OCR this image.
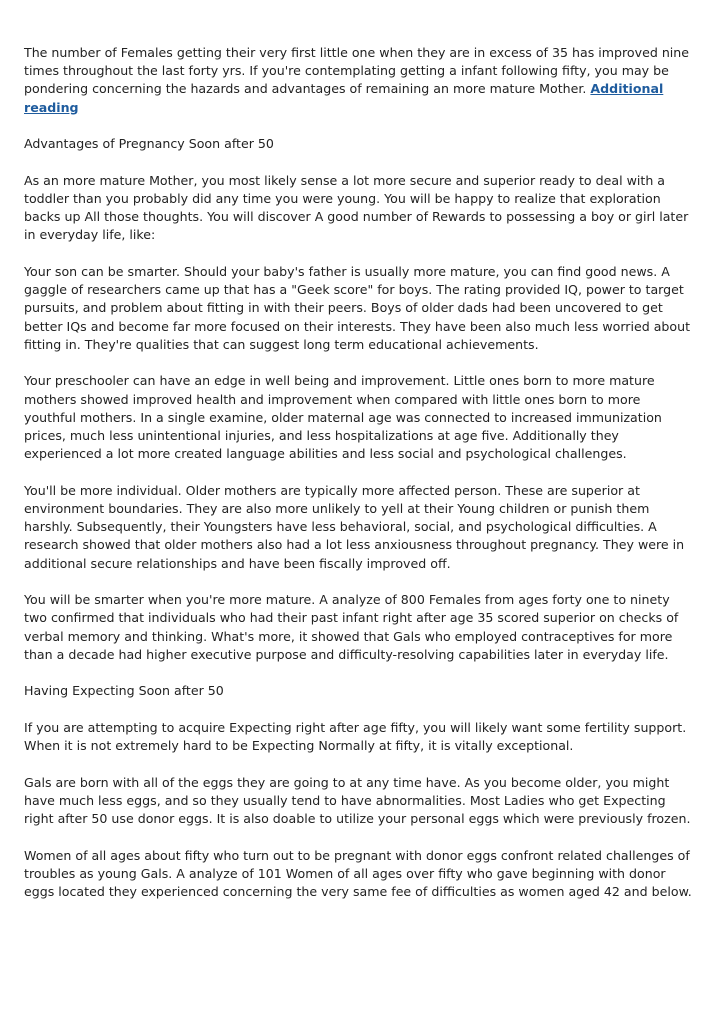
The number of Females getting their very first little one when they are in excess of 35 has improved nine times throughout the last forty yrs. If you're contemplating getting a infant following fifty, you may be pondering concerning the hazards and advantages of remaining an more mature Mother. Additional reading

Advantages of Pregnancy Soon after 50

As an more mature Mother, you most likely sense a lot more secure and superior ready to deal with a toddler than you probably did any time you were young. You will be happy to realize that exploration backs up All those thoughts. You will discover A good number of Rewards to possessing a boy or girl later in everyday life, like:

Your son can be smarter. Should your baby's father is usually more mature, you can find good news. A gaggle of researchers came up that has a "Geek score" for boys. The rating provided IQ, power to target pursuits, and problem about fitting in with their peers. Boys of older dads had been uncovered to get better IQs and become far more focused on their interests. They have been also much less worried about fitting in. They're qualities that can suggest long term educational achievements.

Your preschooler can have an edge in well being and improvement. Little ones born to more mature mothers showed improved health and improvement when compared with little ones born to more youthful mothers. In a single examine, older maternal age was connected to increased immunization prices, much less unintentional injuries, and less hospitalizations at age five. Additionally they experienced a lot more created language abilities and less social and psychological challenges.

You'll be more individual. Older mothers are typically more affected person. These are superior at environment boundaries. They are also more unlikely to yell at their Young children or punish them harshly. Subsequently, their Youngsters have less behavioral, social, and psychological difficulties. A research showed that older mothers also had a lot less anxiousness throughout pregnancy. They were in additional secure relationships and have been fiscally improved off.

You will be smarter when you're more mature. A analyze of 800 Females from ages forty one to ninety two confirmed that individuals who had their past infant right after age 35 scored superior on checks of verbal memory and thinking. What's more, it showed that Gals who employed contraceptives for more than a decade had higher executive purpose and difficulty-resolving capabilities later in everyday life.

Having Expecting Soon after 50

If you are attempting to acquire Expecting right after age fifty, you will likely want some fertility support. When it is not extremely hard to be Expecting Normally at fifty, it is vitally exceptional.

Gals are born with all of the eggs they are going to at any time have. As you become older, you might have much less eggs, and so they usually tend to have abnormalities. Most Ladies who get Expecting right after 50 use donor eggs. It is also doable to utilize your personal eggs which were previously frozen.

Women of all ages about fifty who turn out to be pregnant with donor eggs confront related challenges of troubles as young Gals. A analyze of 101 Women of all ages over fifty who gave beginning with donor eggs located they experienced concerning the very same fee of difficulties as women aged 42 and below.
